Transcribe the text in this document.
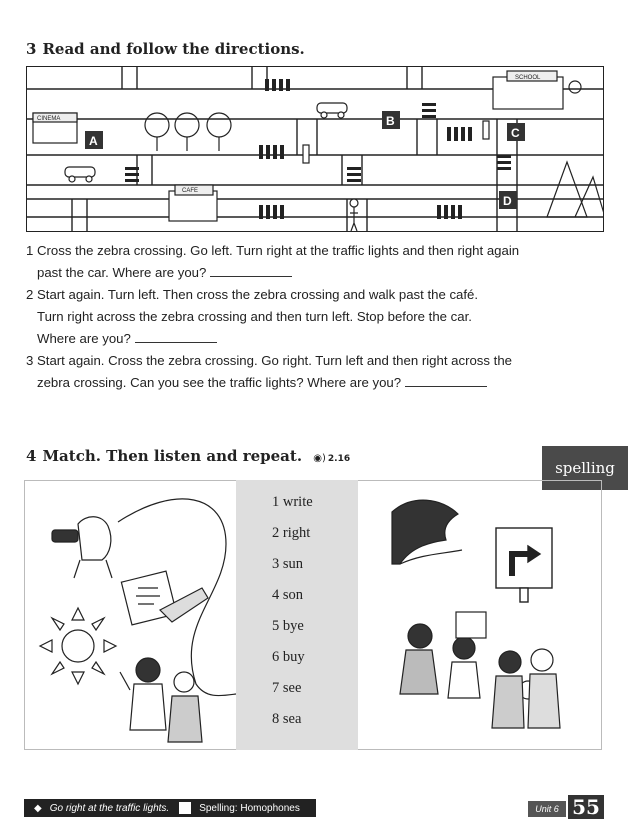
3 Read and follow the directions.
A
B
C
D
CINEMA
SCHOOL
CAFE
1 Cross the zebra crossing. Go left. Turn right at the traffic lights and then right again
past the car. Where are you?
2 Start again. Turn left. Then cross the zebra crossing and walk past the café.
Turn right across the zebra crossing and then turn left. Stop before the car.
Where are you?
3 Start again. Cross the zebra crossing. Go right. Turn left and then right across the
zebra crossing. Can you see the traffic lights? Where are you?
4 Match. Then listen and repeat. ◉) 2.16	spelling
1 write
2 right
3 sun
4 son
5 bye
6 buy
7 see
8 sea
◆ Go right at the traffic lights.	Spelling: Homophones	Unit 6 55
